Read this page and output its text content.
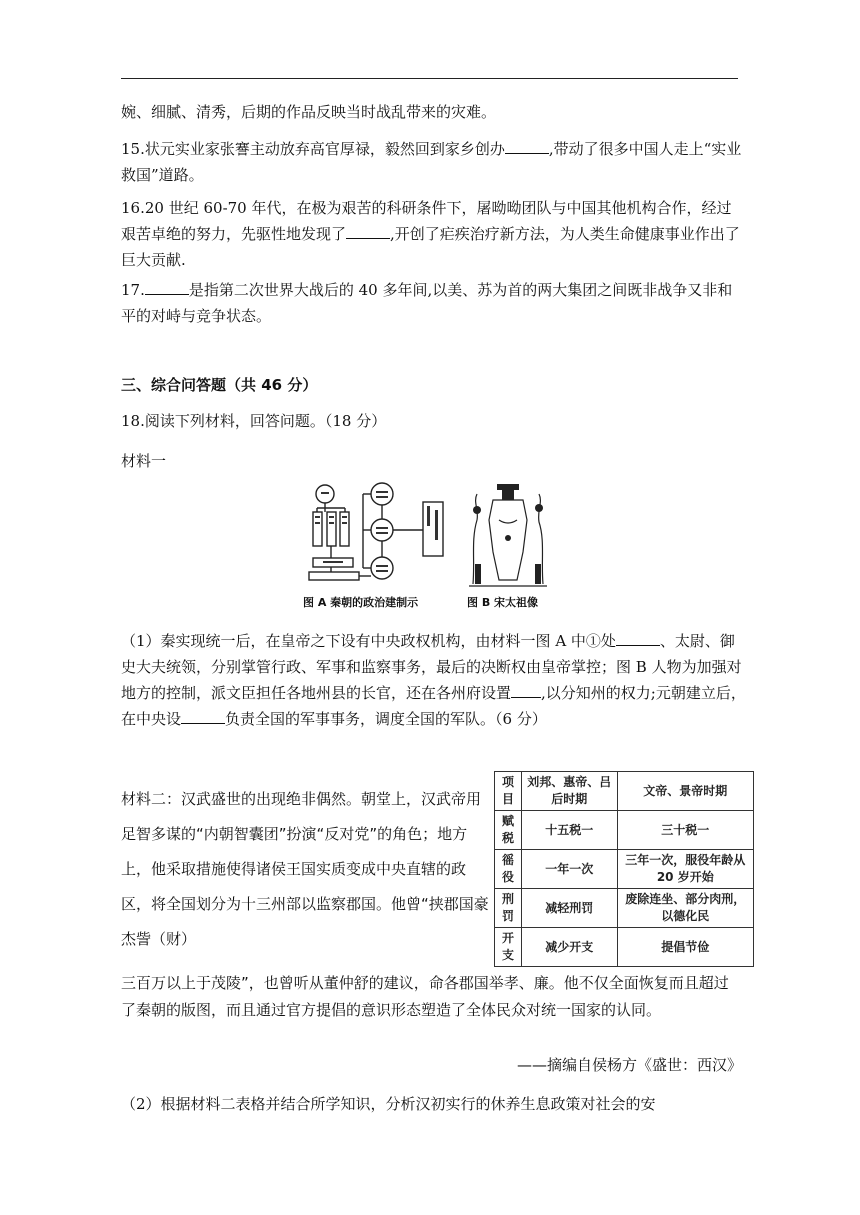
婉、细腻、清秀，后期的作品反映当时战乱带来的灾难。

15.状元实业家张謇主动放弃高官厚禄，毅然回到家乡创办	,带动了很多中国人走上“实业救国”道路。

16.20 世纪 60-70 年代，在极为艰苦的科研条件下，屠呦呦团队与中国其他机构合作，经过艰苦卓绝的努力，先驱性地发现了	,开创了疟疾治疗新方法，为人类生命健康事业作出了巨大贡献.

17.	是指第二次世界大战后的 40 多年间,以美、苏为首的两大集团之间既非战争又非和平的对峙与竞争状态。

三、综合问答题（共 46 分）

18.阅读下列材料，回答问题。（18 分）

材料一

图 A 秦朝的政治建制示	图 B 宋太祖像

（1）秦实现统一后，在皇帝之下设有中央政权机构，由材料一图 A 中①处	、太尉、御史大夫统领，分别掌管行政、军事和监察事务，最后的决断权由皇帝掌控；图 B 人物为加强对地方的控制，派文臣担任各地州县的长官，还在各州府设置 ,以分知州的权力;元朝建立后，在中央设	负责全国的军事事务，调度全国的军队。（6 分）

材料二：汉武盛世的出现绝非偶然。朝堂上，汉武帝用足智多谋的“内朝智囊团”扮演“反对党”的角色；地方上，他采取措施使得诸侯王国实质变成中央直辖的政区，将全国划分为十三州部以监察郡国。他曾“挟郡国豪杰訾（财）

项目	刘邦、惠帝、吕后时期	文帝、景帝时期
赋税	十五税一	三十税一
徭役	一年一次	三年一次，服役年龄从 20 岁开始
刑罚	减轻刑罚	废除连坐、部分肉刑，以德化民
开支	减少开支	提倡节俭

三百万以上于茂陵”，也曾听从董仲舒的建议，命各郡国举孝、廉。他不仅全面恢复而且超过了秦朝的版图，而且通过官方提倡的意识形态塑造了全体民众对统一国家的认同。

——摘编自侯杨方《盛世：西汉》

（2）根据材料二表格并结合所学知识，分析汉初实行的休养生息政策对社会的安
